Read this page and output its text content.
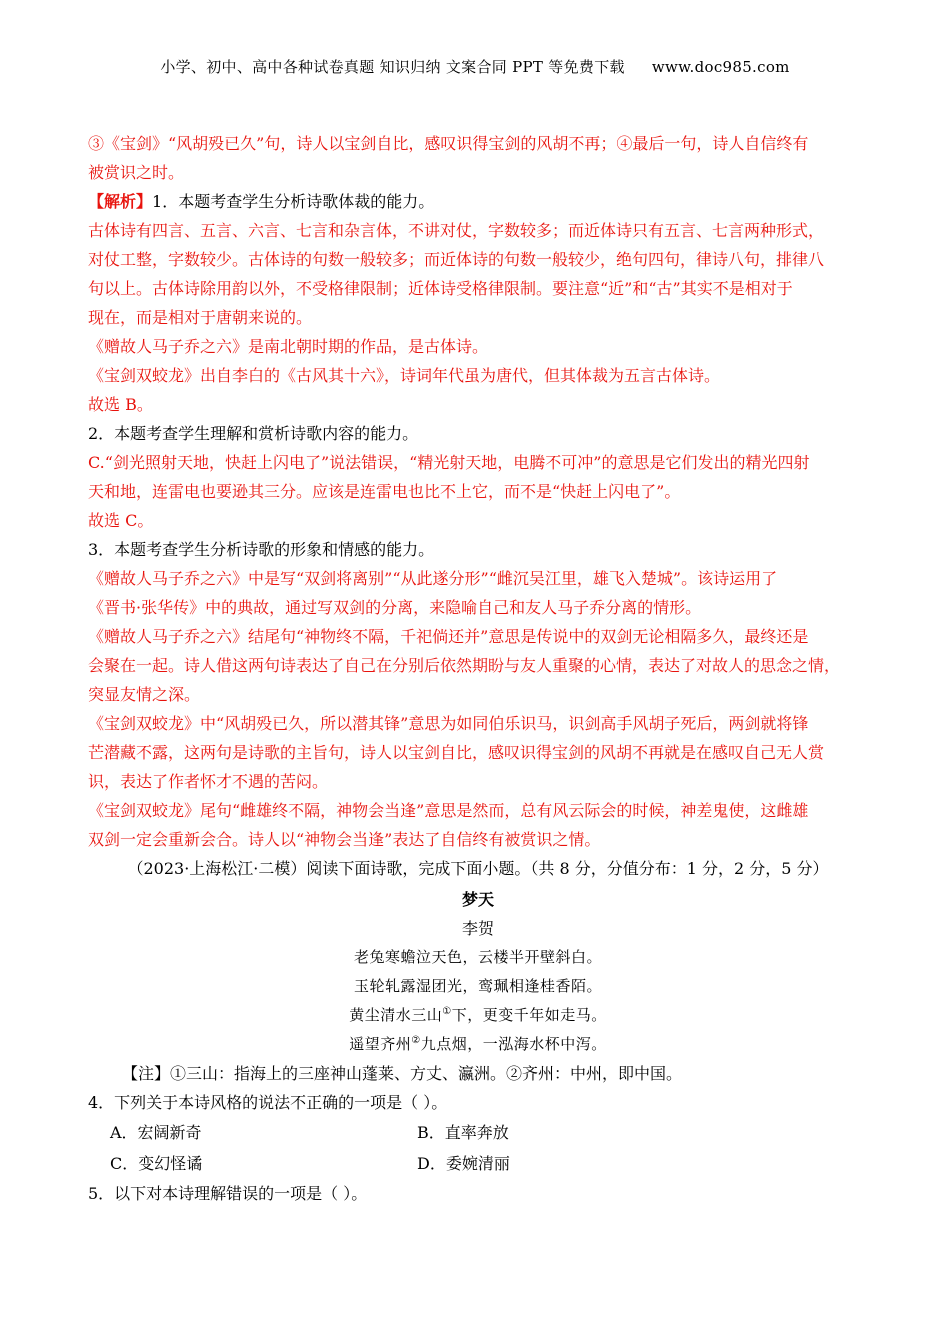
小学、初中、高中各种试卷真题 知识归纳 文案合同 PPT 等免费下载 www.doc985.com
③《宝剑》“风胡殁已久”句，诗人以宝剑自比，感叹识得宝剑的风胡不再；④最后一句，诗人自信终有
被赏识之时。
【解析】1．本题考查学生分析诗歌体裁的能力。
古体诗有四言、五言、六言、七言和杂言体，不讲对仗，字数较多；而近体诗只有五言、七言两种形式，
对仗工整，字数较少。古体诗的句数一般较多；而近体诗的句数一般较少，绝句四句，律诗八句，排律八
句以上。古体诗除用韵以外，不受格律限制；近体诗受格律限制。要注意“近”和“古”其实不是相对于
现在，而是相对于唐朝来说的。
《赠故人马子乔之六》是南北朝时期的作品，是古体诗。
《宝剑双蛟龙》出自李白的《古风其十六》，诗词年代虽为唐代，但其体裁为五言古体诗。
故选 B。
2．本题考查学生理解和赏析诗歌内容的能力。
C.“剑光照射天地，快赶上闪电了”说法错误，“精光射天地，电腾不可冲”的意思是它们发出的精光四射
天和地，连雷电也要逊其三分。应该是连雷电也比不上它，而不是“快赶上闪电了”。
故选 C。
3．本题考查学生分析诗歌的形象和情感的能力。
《赠故人马子乔之六》中是写“双剑将离别”“从此遂分形”“雌沉吴江里，雄飞入楚城”。该诗运用了
《晋书·张华传》中的典故，通过写双剑的分离，来隐喻自己和友人马子乔分离的情形。
《赠故人马子乔之六》结尾句“神物终不隔，千祀倘还并”意思是传说中的双剑无论相隔多久，最终还是
会聚在一起。诗人借这两句诗表达了自己在分别后依然期盼与友人重聚的心情，表达了对故人的思念之情，
突显友情之深。
《宝剑双蛟龙》中“风胡殁已久，所以潜其锋”意思为如同伯乐识马，识剑高手风胡子死后，两剑就将锋
芒潜藏不露，这两句是诗歌的主旨句，诗人以宝剑自比，感叹识得宝剑的风胡不再就是在感叹自己无人赏
识，表达了作者怀才不遇的苦闷。
《宝剑双蛟龙》尾句“雌雄终不隔，神物会当逢”意思是然而，总有风云际会的时候，神差鬼使，这雌雄
双剑一定会重新会合。诗人以“神物会当逢”表达了自信终有被赏识之情。
（2023·上海松江·二模）阅读下面诗歌，完成下面小题。（共 8 分，分值分布：1 分，2 分，5 分）
梦天
李贺
老兔寒蟾泣天色，云楼半开壁斜白。
玉轮轧露湿团光，鸾珮相逢桂香陌。
黄尘清水三山①下，更变千年如走马。
遥望齐州②九点烟，一泓海水杯中泻。
【注】①三山：指海上的三座神山蓬莱、方丈、瀛洲。②齐州：中州，即中国。
4．下列关于本诗风格的说法不正确的一项是（ ）。
A．宏阔新奇	B．直率奔放
C．变幻怪谲	D．委婉清丽
5．以下对本诗理解错误的一项是（ ）。
